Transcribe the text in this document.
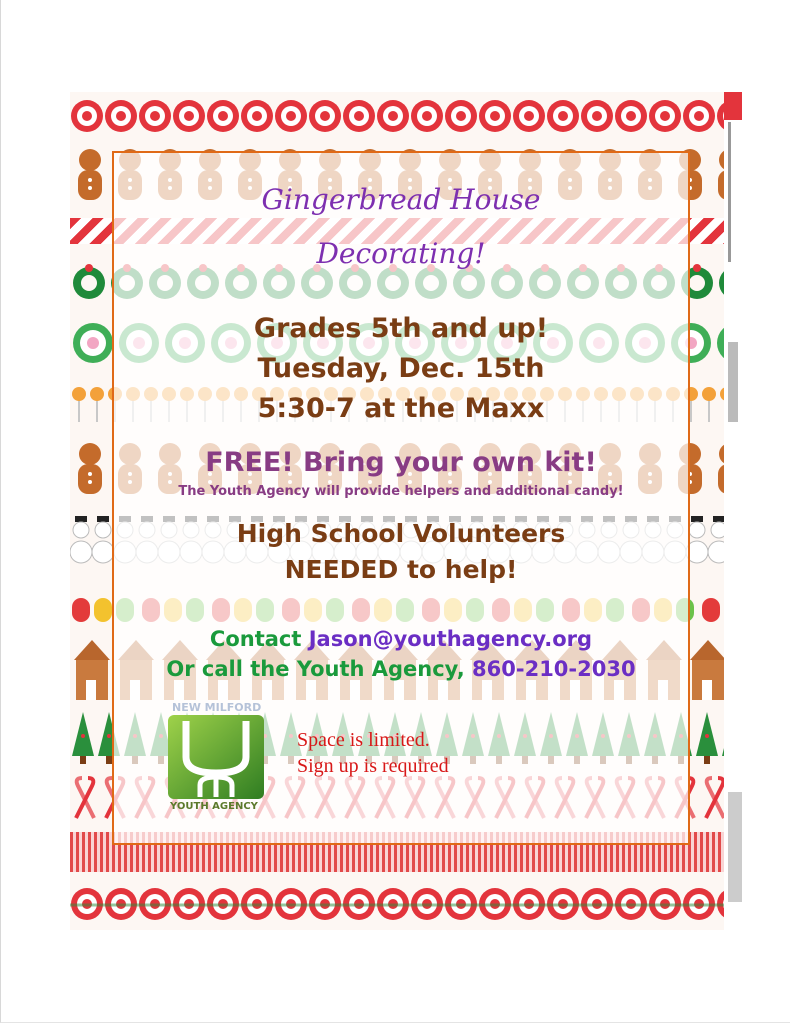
Gingerbread House
Decorating!
Grades 5th and up!
Tuesday, Dec. 15th
5:30-7 at the Maxx
FREE! Bring your own kit!
The Youth Agency will provide helpers and additional candy!
High School Volunteers
NEEDED to help!
Contact Jason@youthagency.org
Or call the Youth Agency, 860-210-2030
NEW MILFORD
YOUTH AGENCY
Space is limited.
Sign up is required
